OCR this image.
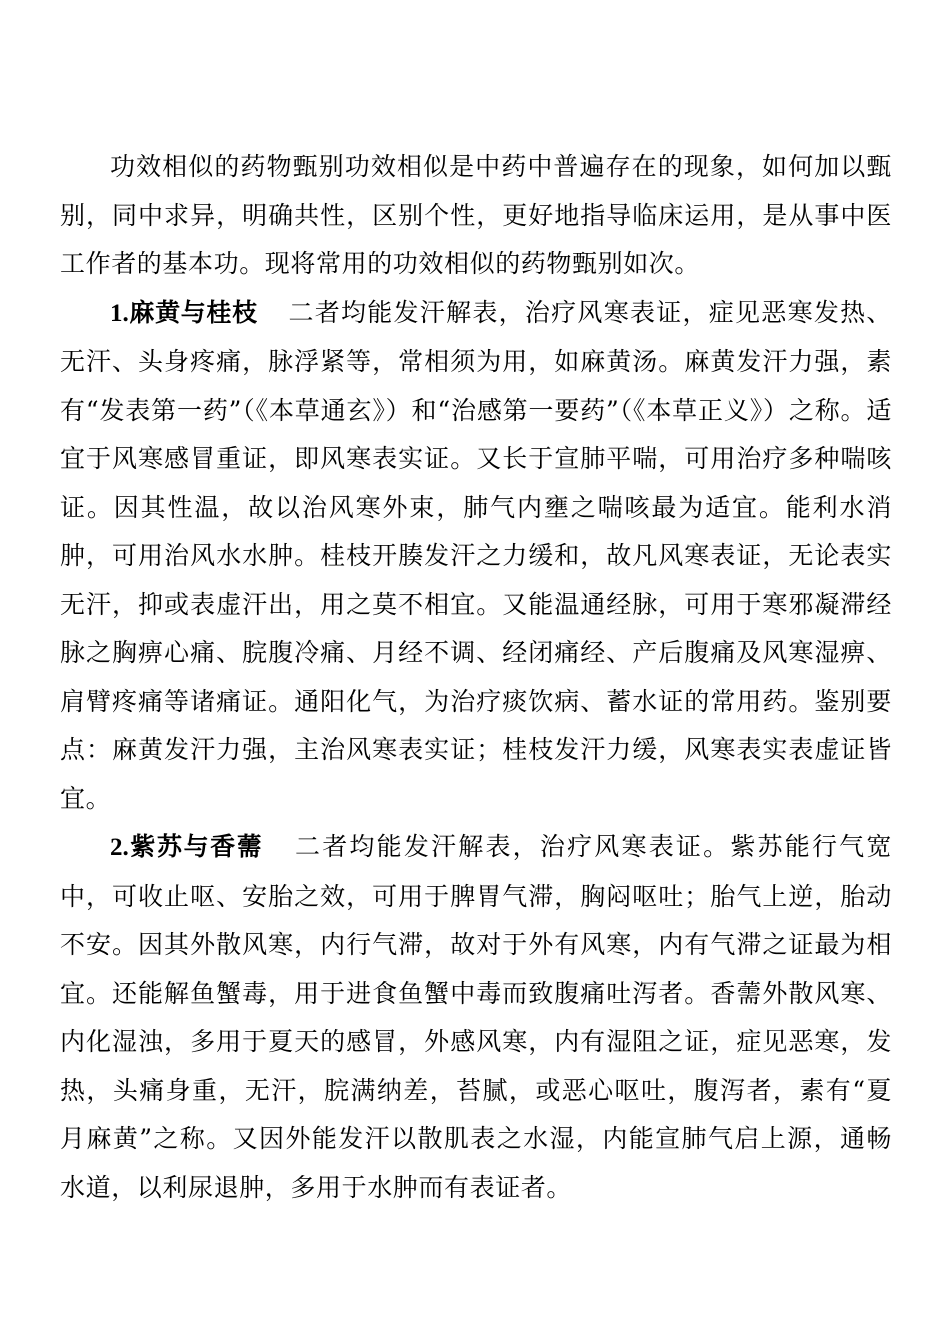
功效相似的药物甄别功效相似是中药中普遍存在的现象，如何加以甄别，同中求异，明确共性，区别个性，更好地指导临床运用，是从事中医工作者的基本功。现将常用的功效相似的药物甄别如次。

1.麻黄与桂枝 二者均能发汗解表，治疗风寒表证，症见恶寒发热、无汗、头身疼痛，脉浮紧等，常相须为用，如麻黄汤。麻黄发汗力强，素有“发表第一药”（《本草通玄》）和“治感第一要药”（《本草正义》）之称。适宜于风寒感冒重证，即风寒表实证。又长于宣肺平喘，可用治疗多种喘咳证。因其性温，故以治风寒外束，肺气内壅之喘咳最为适宜。能利水消肿，可用治风水水肿。桂枝开腠发汗之力缓和，故凡风寒表证，无论表实无汗，抑或表虚汗出，用之莫不相宜。又能温通经脉，可用于寒邪凝滞经脉之胸痹心痛、脘腹冷痛、月经不调、经闭痛经、产后腹痛及风寒湿痹、肩臂疼痛等诸痛证。通阳化气，为治疗痰饮病、蓄水证的常用药。鉴别要点：麻黄发汗力强，主治风寒表实证；桂枝发汗力缓，风寒表实表虚证皆宜。

2.紫苏与香薷 二者均能发汗解表，治疗风寒表证。紫苏能行气宽中，可收止呕、安胎之效，可用于脾胃气滞，胸闷呕吐；胎气上逆，胎动不安。因其外散风寒，内行气滞，故对于外有风寒，内有气滞之证最为相宜。还能解鱼蟹毒，用于进食鱼蟹中毒而致腹痛吐泻者。香薷外散风寒、内化湿浊，多用于夏天的感冒，外感风寒，内有湿阻之证，症见恶寒，发热，头痛身重，无汗，脘满纳差，苔腻，或恶心呕吐，腹泻者，素有“夏月麻黄”之称。又因外能发汗以散肌表之水湿，内能宣肺气启上源，通畅水道，以利尿退肿，多用于水肿而有表证者。
